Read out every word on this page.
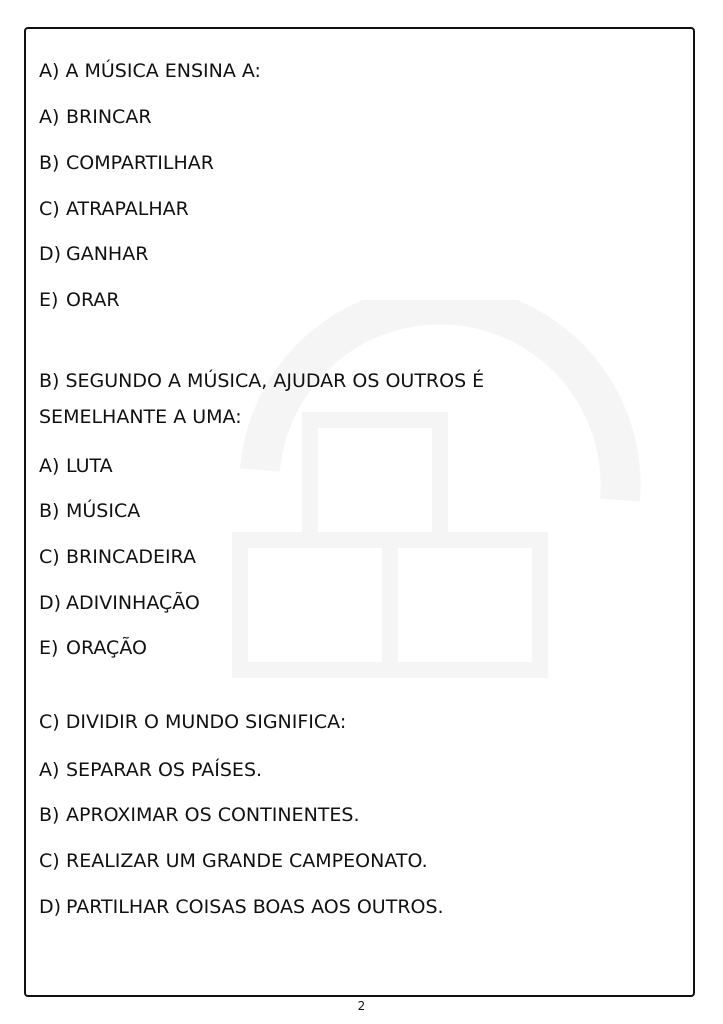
A) A MÚSICA ENSINA A:
A) BRINCAR
B) COMPARTILHAR
C) ATRAPALHAR
D) GANHAR
E) ORAR
B) SEGUNDO A MÚSICA, AJUDAR OS OUTROS É
SEMELHANTE A UMA:
A) LUTA
B) MÚSICA
C) BRINCADEIRA
D) ADIVINHAÇÃO
E) ORAÇÃO
C) DIVIDIR O MUNDO SIGNIFICA:
A) SEPARAR OS PAÍSES.
B) APROXIMAR OS CONTINENTES.
C) REALIZAR UM GRANDE CAMPEONATO.
D) PARTILHAR COISAS BOAS AOS OUTROS.
2
